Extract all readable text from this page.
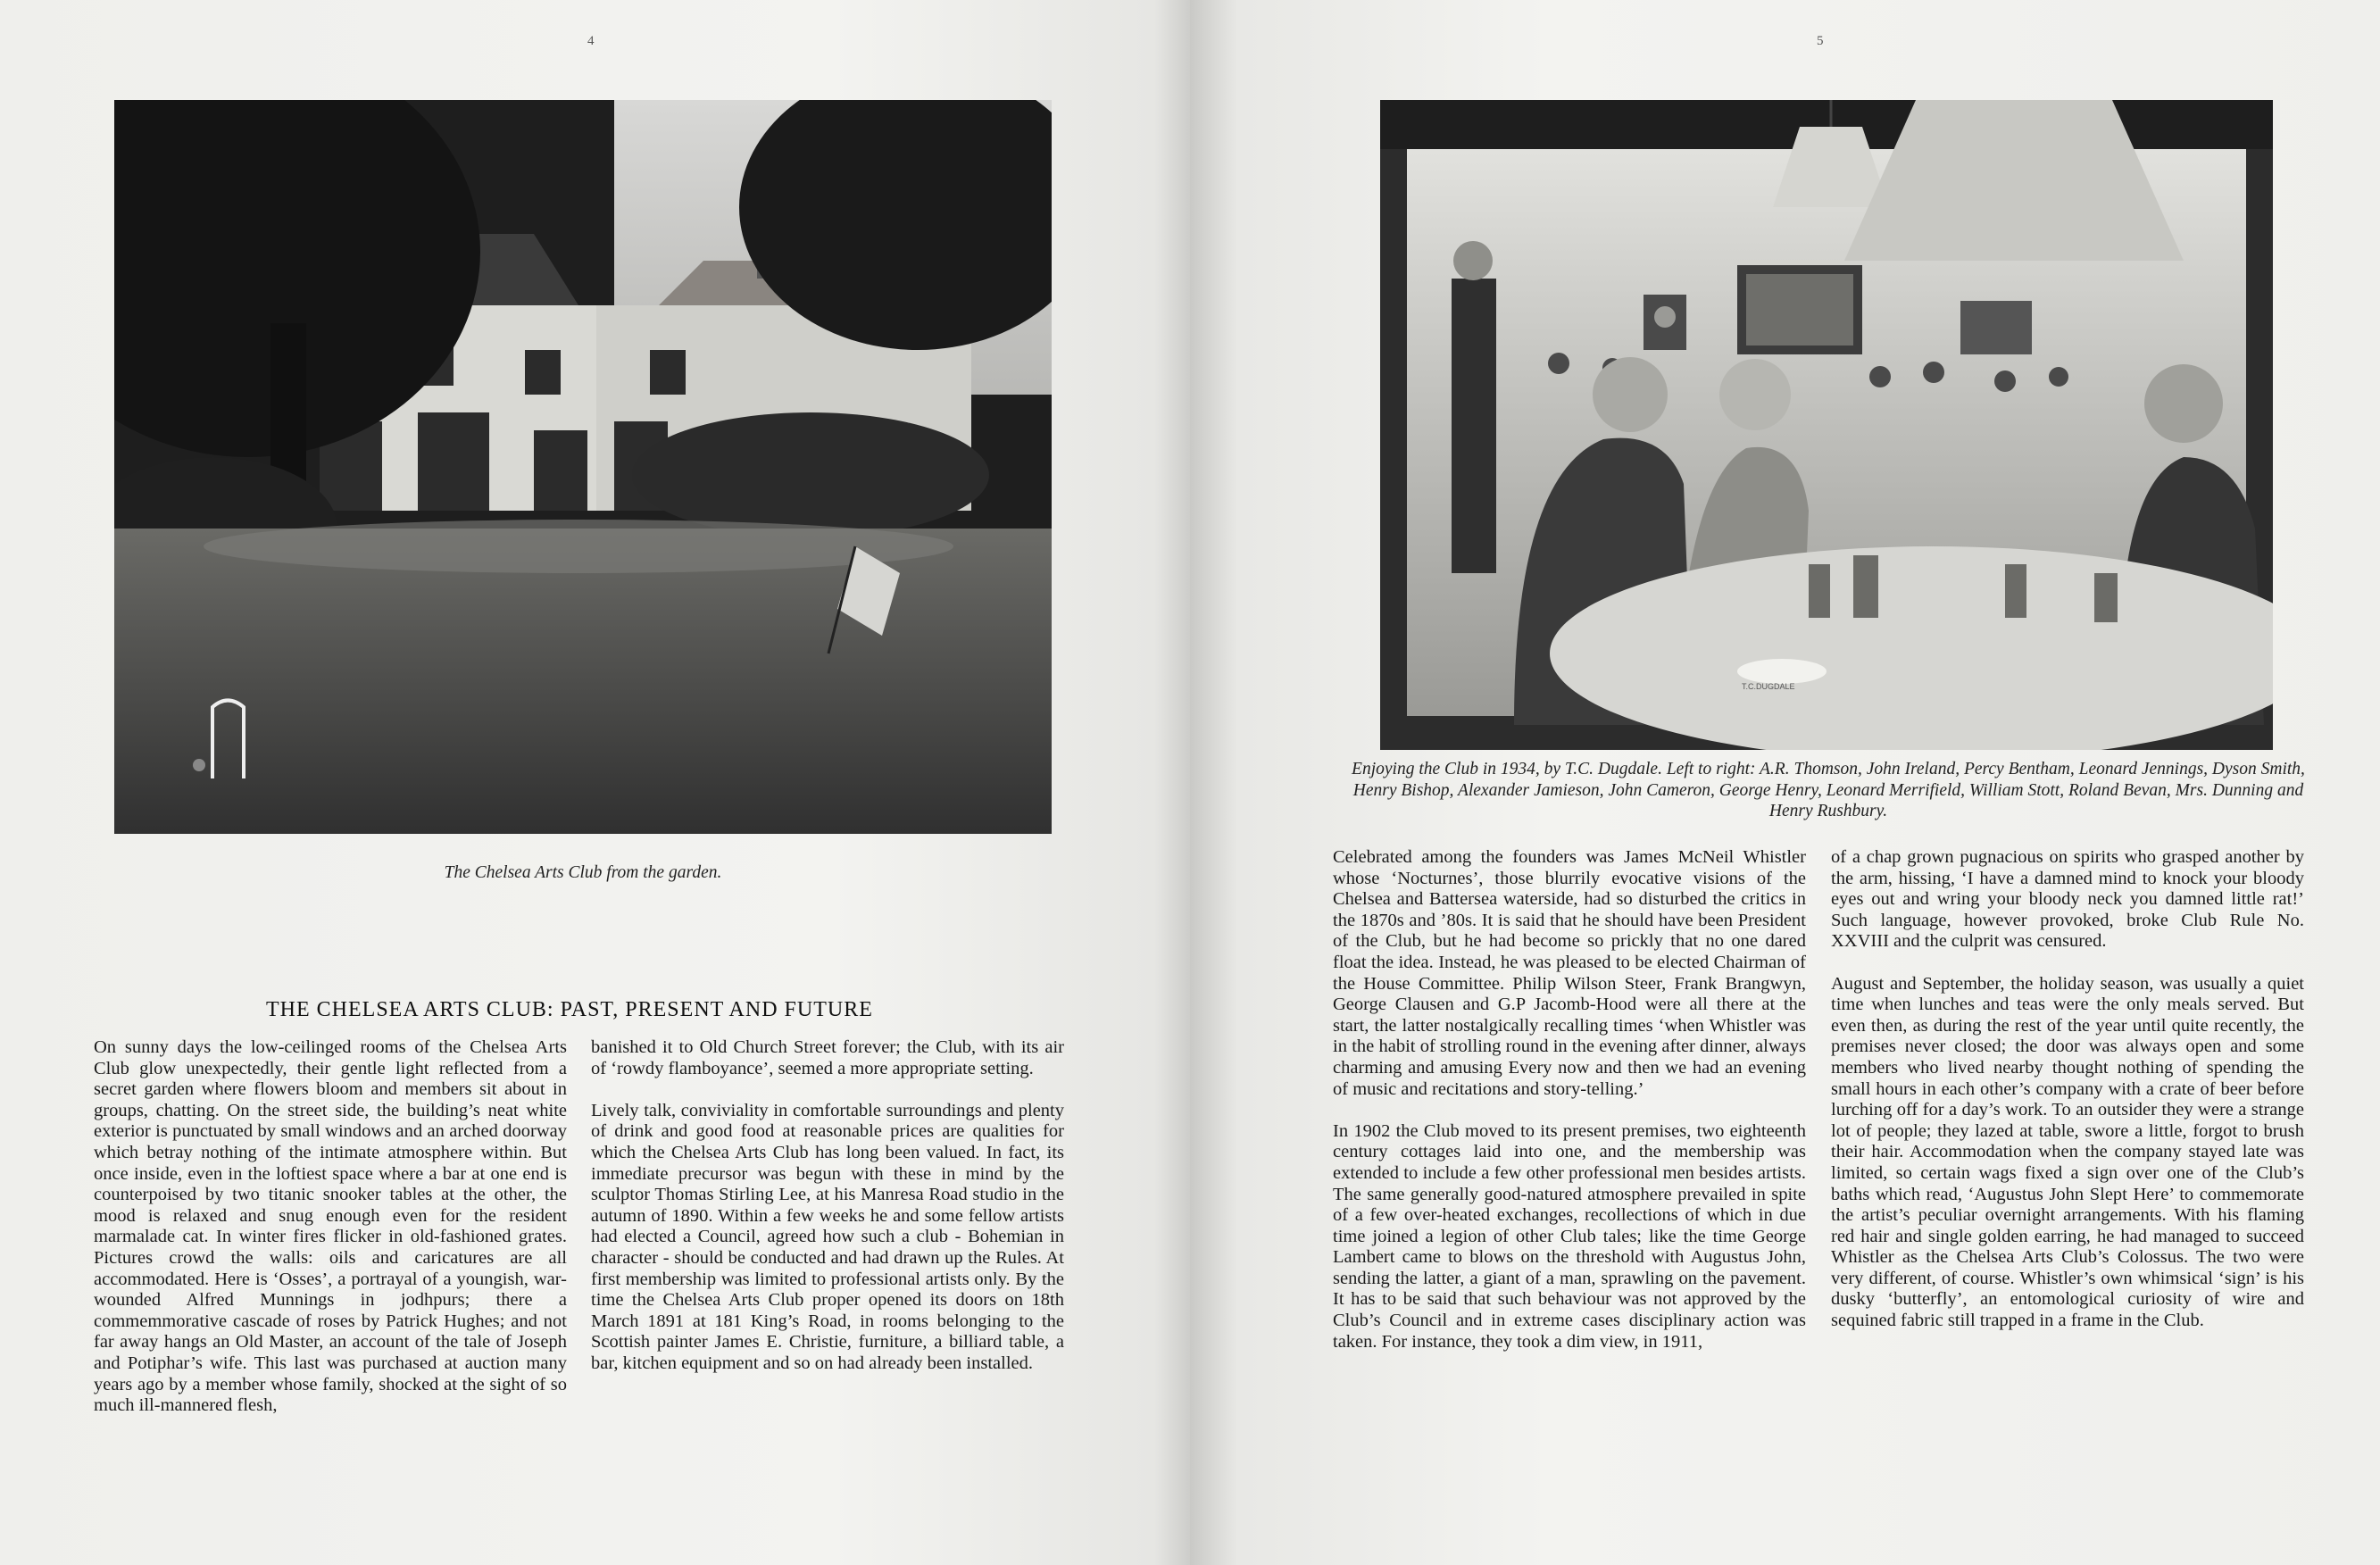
4
The Chelsea Arts Club from the garden.
THE CHELSEA ARTS CLUB: PAST, PRESENT AND FUTURE

On sunny days the low-ceilinged rooms of the Chelsea Arts Club glow unexpectedly, their gentle light reflected from a secret garden where flowers bloom and members sit about in groups, chatting. On the street side, the building’s neat white exterior is punctuated by small windows and an arched doorway which betray nothing of the intimate atmosphere within. But once inside, even in the loftiest space where a bar at one end is counterpoised by two titanic snooker tables at the other, the mood is relaxed and snug enough even for the resident marmalade cat. In winter fires flicker in old-fashioned grates. Pictures crowd the walls: oils and caricatures are all accommodated. Here is ‘Osses’, a portrayal of a youngish, war-wounded Alfred Munnings in jodhpurs; there a commemmorative cascade of roses by Patrick Hughes; and not far away hangs an Old Master, an account of the tale of Joseph and Potiphar’s wife. This last was purchased at auction many years ago by a member whose family, shocked at the sight of so much ill-mannered flesh,

banished it to Old Church Street forever; the Club, with its air of ‘rowdy flamboyance’, seemed a more appropriate setting.

Lively talk, conviviality in comfortable surroundings and plenty of drink and good food at reasonable prices are qualities for which the Chelsea Arts Club has long been valued. In fact, its immediate precursor was begun with these in mind by the sculptor Thomas Stirling Lee, at his Manresa Road studio in the autumn of 1890. Within a few weeks he and some fellow artists had elected a Council, agreed how such a club - Bohemian in character - should be conducted and had drawn up the Rules. At first membership was limited to professional artists only. By the time the Chelsea Arts Club proper opened its doors on 18th March 1891 at 181 King’s Road, in rooms belonging to the Scottish painter James E. Christie, furniture, a billiard table, a bar, kitchen equipment and so on had already been installed.

5
T.C.DUGDALE
Enjoying the Club in 1934, by T.C. Dugdale. Left to right: A.R. Thomson, John Ireland, Percy Bentham, Leonard Jennings, Dyson Smith, Henry Bishop, Alexander Jamieson, John Cameron, George Henry, Leonard Merrifield, William Stott, Roland Bevan, Mrs. Dunning and Henry Rushbury.

Celebrated among the founders was James McNeil Whistler whose ‘Nocturnes’, those blurrily evocative visions of the Chelsea and Battersea waterside, had so disturbed the critics in the 1870s and ’80s. It is said that he should have been President of the Club, but he had become so prickly that no one dared float the idea. Instead, he was pleased to be elected Chairman of the House Committee. Philip Wilson Steer, Frank Brangwyn, George Clausen and G.P Jacomb-Hood were all there at the start, the latter nostalgically recalling times ‘when Whistler was in the habit of strolling round in the evening after dinner, always charming and amusing Every now and then we had an evening of music and recitations and story-telling.’

In 1902 the Club moved to its present premises, two eighteenth century cottages laid into one, and the membership was extended to include a few other professional men besides artists. The same generally good-natured atmosphere prevailed in spite of a few over-heated exchanges, recollections of which in due time joined a legion of other Club tales; like the time George Lambert came to blows on the threshold with Augustus John, sending the latter, a giant of a man, sprawling on the pavement. It has to be said that such behaviour was not approved by the Club’s Council and in extreme cases disciplinary action was taken. For instance, they took a dim view, in 1911,

of a chap grown pugnacious on spirits who grasped another by the arm, hissing, ‘I have a damned mind to knock your bloody eyes out and wring your bloody neck you damned little rat!’ Such language, however provoked, broke Club Rule No. XXVIII and the culprit was censured.

August and September, the holiday season, was usually a quiet time when lunches and teas were the only meals served. But even then, as during the rest of the year until quite recently, the premises never closed; the door was always open and some members who lived nearby thought nothing of spending the small hours in each other’s company with a crate of beer before lurching off for a day’s work. To an outsider they were a strange lot of people; they lazed at table, swore a little, forgot to brush their hair. Accommodation when the company stayed late was limited, so certain wags fixed a sign over one of the Club’s baths which read, ‘Augustus John Slept Here’ to commemorate the artist’s peculiar overnight arrangements. With his flaming red hair and single golden earring, he had managed to succeed Whistler as the Chelsea Arts Club’s Colossus. The two were very different, of course. Whistler’s own whimsical ‘sign’ is his dusky ‘butterfly’, an entomological curiosity of wire and sequined fabric still trapped in a frame in the Club.
